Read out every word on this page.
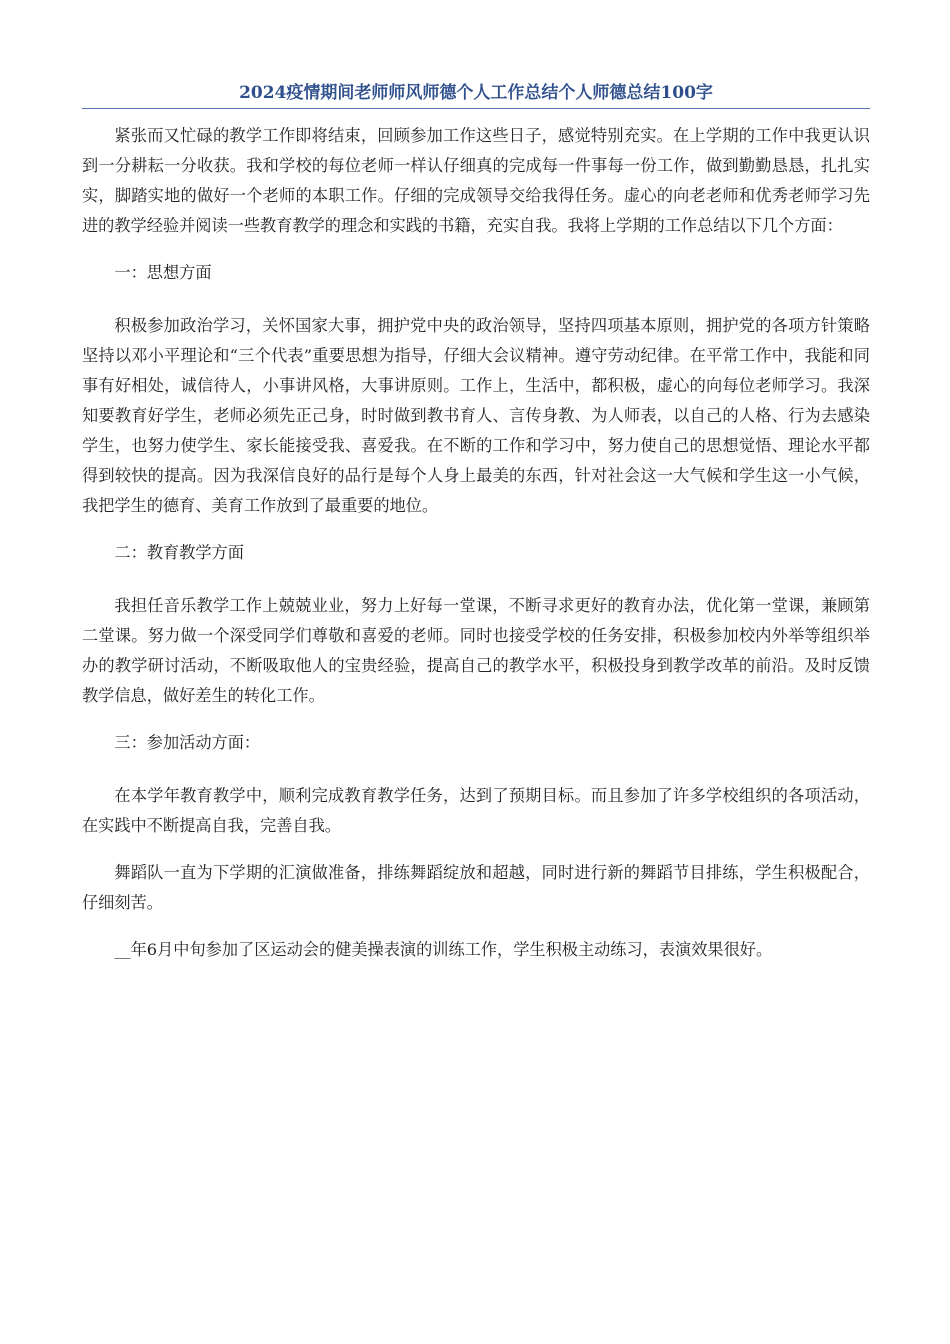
2024疫情期间老师师风师德个人工作总结个人师德总结100字

紧张而又忙碌的教学工作即将结束，回顾参加工作这些日子，感觉特别充实。在上学期的工作中我更认识到一分耕耘一分收获。我和学校的每位老师一样认仔细真的完成每一件事每一份工作，做到勤勤恳恳，扎扎实实，脚踏实地的做好一个老师的本职工作。仔细的完成领导交给我得任务。虚心的向老老师和优秀老师学习先进的教学经验并阅读一些教育教学的理念和实践的书籍，充实自我。我将上学期的工作总结以下几个方面：

一：思想方面

积极参加政治学习，关怀国家大事，拥护党中央的政治领导，坚持四项基本原则，拥护党的各项方针策略坚持以邓小平理论和“三个代表”重要思想为指导，仔细大会议精神。遵守劳动纪律。在平常工作中，我能和同事有好相处，诚信待人，小事讲风格，大事讲原则。工作上，生活中，都积极，虚心的向每位老师学习。我深知要教育好学生，老师必须先正己身，时时做到教书育人、言传身教、为人师表，以自己的人格、行为去感染学生，也努力使学生、家长能接受我、喜爱我。在不断的工作和学习中，努力使自己的思想觉悟、理论水平都得到较快的提高。因为我深信良好的品行是每个人身上最美的东西，针对社会这一大气候和学生这一小气候，我把学生的德育、美育工作放到了最重要的地位。

二：教育教学方面

我担任音乐教学工作上兢兢业业，努力上好每一堂课，不断寻求更好的教育办法，优化第一堂课，兼顾第二堂课。努力做一个深受同学们尊敬和喜爱的老师。同时也接受学校的任务安排，积极参加校内外举等组织举办的教学研讨活动，不断吸取他人的宝贵经验，提高自己的教学水平，积极投身到教学改革的前沿。及时反馈教学信息，做好差生的转化工作。

三：参加活动方面：

在本学年教育教学中，顺利完成教育教学任务，达到了预期目标。而且参加了许多学校组织的各项活动，在实践中不断提高自我，完善自我。

舞蹈队一直为下学期的汇演做准备，排练舞蹈绽放和超越，同时进行新的舞蹈节目排练，学生积极配合，仔细刻苦。

__年6月中旬参加了区运动会的健美操表演的训练工作，学生积极主动练习，表演效果很好。
